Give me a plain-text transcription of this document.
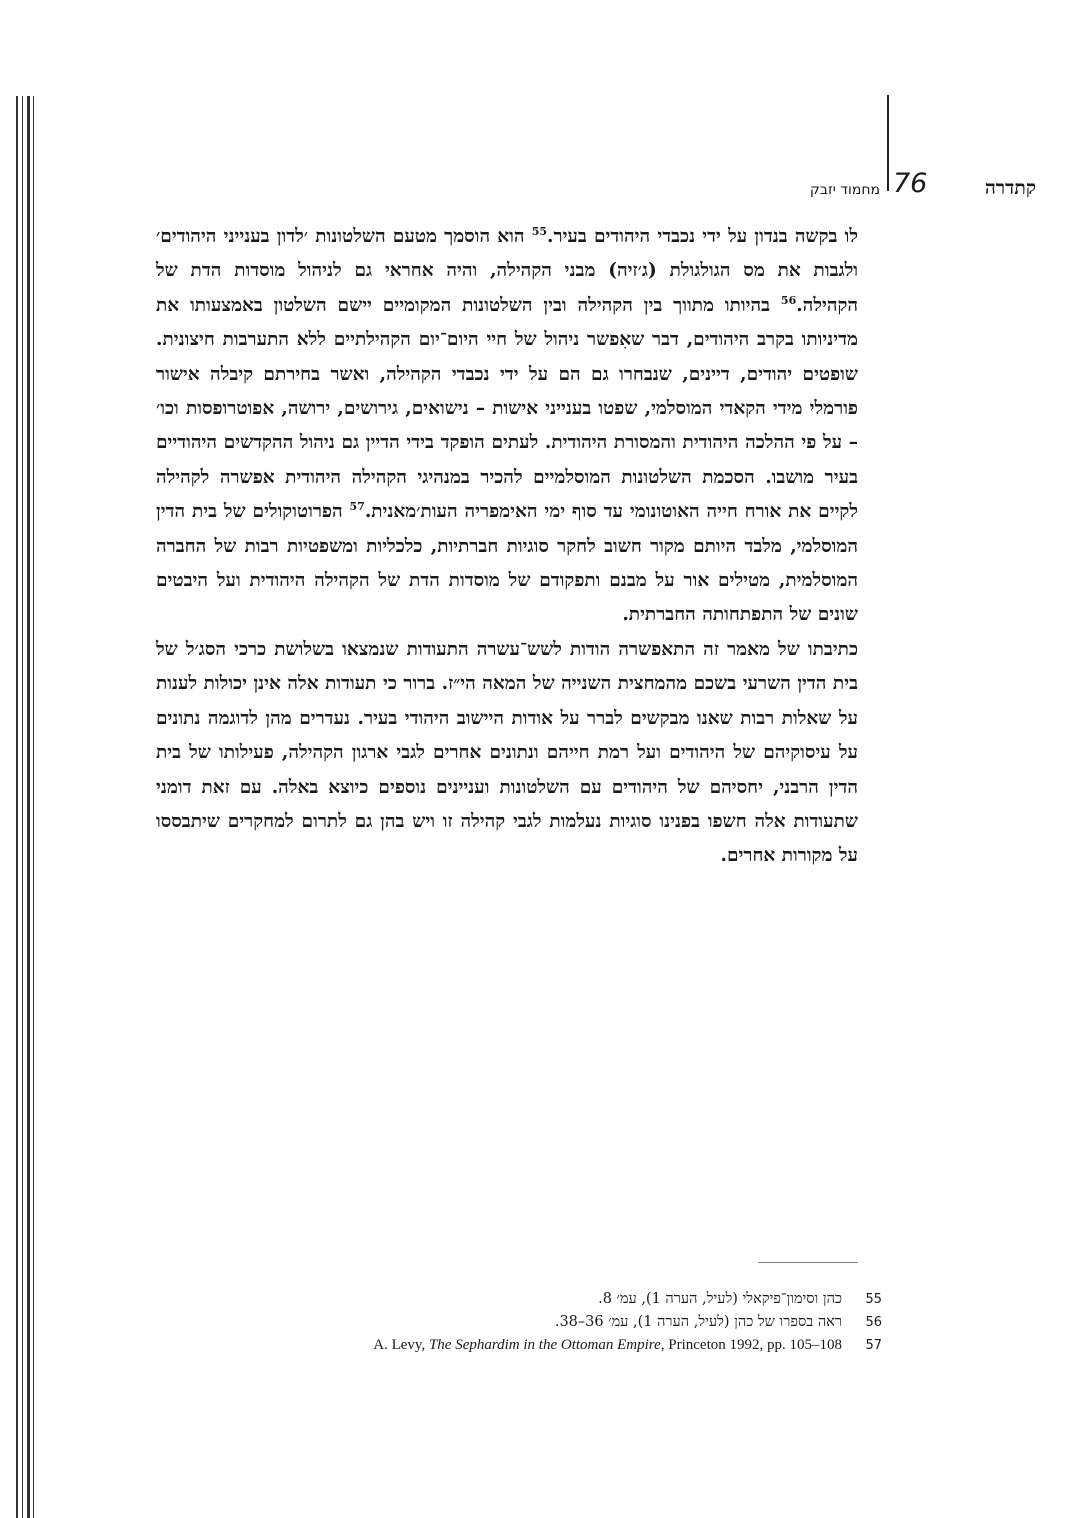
קתדרה
76
מחמוד יזבק

לו בקשה בנדון על ידי נכבדי היהודים בעיר.$^{55}$ הוא הוסמך מטעם השלטונות ׳לדון בענייני היהודים׳ ולגבות את מס הגולגולת (ג׳זיה) מבני הקהילה, והיה אחראי גם לניהול מוסדות הדת של הקהילה.$^{56}$ בהיותו מתווך בין הקהילה ובין השלטונות המקומיים יישם השלטון באמצעותו את מדיניותו בקרב היהודים, דבר שאִפשר ניהול של חיי היום־יום הקהילתיים ללא התערבות חיצונית. שופטים יהודים, דיינים, שנבחרו גם הם על ידי נכבדי הקהילה, ואשר בחירתם קיבלה אישור פורמלי מידי הקאדי המוסלמי, שפטו בענייני אישות – נישואים, גירושים, ירושה, אפוטרופסות וכו׳ – על פי ההלכה היהודית והמסורת היהודית. לעתים הופקד בידי הדיין גם ניהול ההקדשים היהודיים בעיר מושבו. הסכמת השלטונות המוסלמיים להכיר במנהיגי הקהילה היהודית אפשרה לקהילה לקיים את אורח חייה האוטונומי עד סוף ימי האימפריה העות׳מאנית.$^{57}$ הפרוטוקולים של בית הדין המוסלמי, מלבד היותם מקור חשוב לחקר סוגיות חברתיות, כלכליות ומשפטיות רבות של החברה המוסלמית, מטילים אור על מבנם ותפקודם של מוסדות הדת של הקהילה היהודית ועל היבטים שונים של התפתחותה החברתית.

כתיבתו של מאמר זה התאפשרה הודות לשש־עשרה התעודות שנמצאו בשלושת כרכי הסג׳ל של בית הדין השרעי בשכם מהמחצית השנייה של המאה הי״ז. ברור כי תעודות אלה אינן יכולות לענות על שאלות רבות שאנו מבקשים לברר על אודות היישוב היהודי בעיר. נעדרים מהן לדוגמה נתונים על עיסוקיהם של היהודים ועל רמת חייהם ונתונים אחרים לגבי ארגון הקהילה, פעילותו של בית הדין הרבני, יחסיהם של היהודים עם השלטונות ועניינים נוספים כיוצא באלה. עם זאת דומני שתעודות אלה חשפו בפנינו סוגיות נעלמות לגבי קהילה זו ויש בהן גם לתרום למחקרים שיתבססו על מקורות אחרים.

55
כהן וסימון־פיקאלי (לעיל, הערה 1), עמ׳ 8.
56
ראה בספרו של כהן (לעיל, הערה 1), עמ׳ 36–38.
57
A. Levy, The Sephardim in the Ottoman Empire, Princeton 1992, pp. 105–108
